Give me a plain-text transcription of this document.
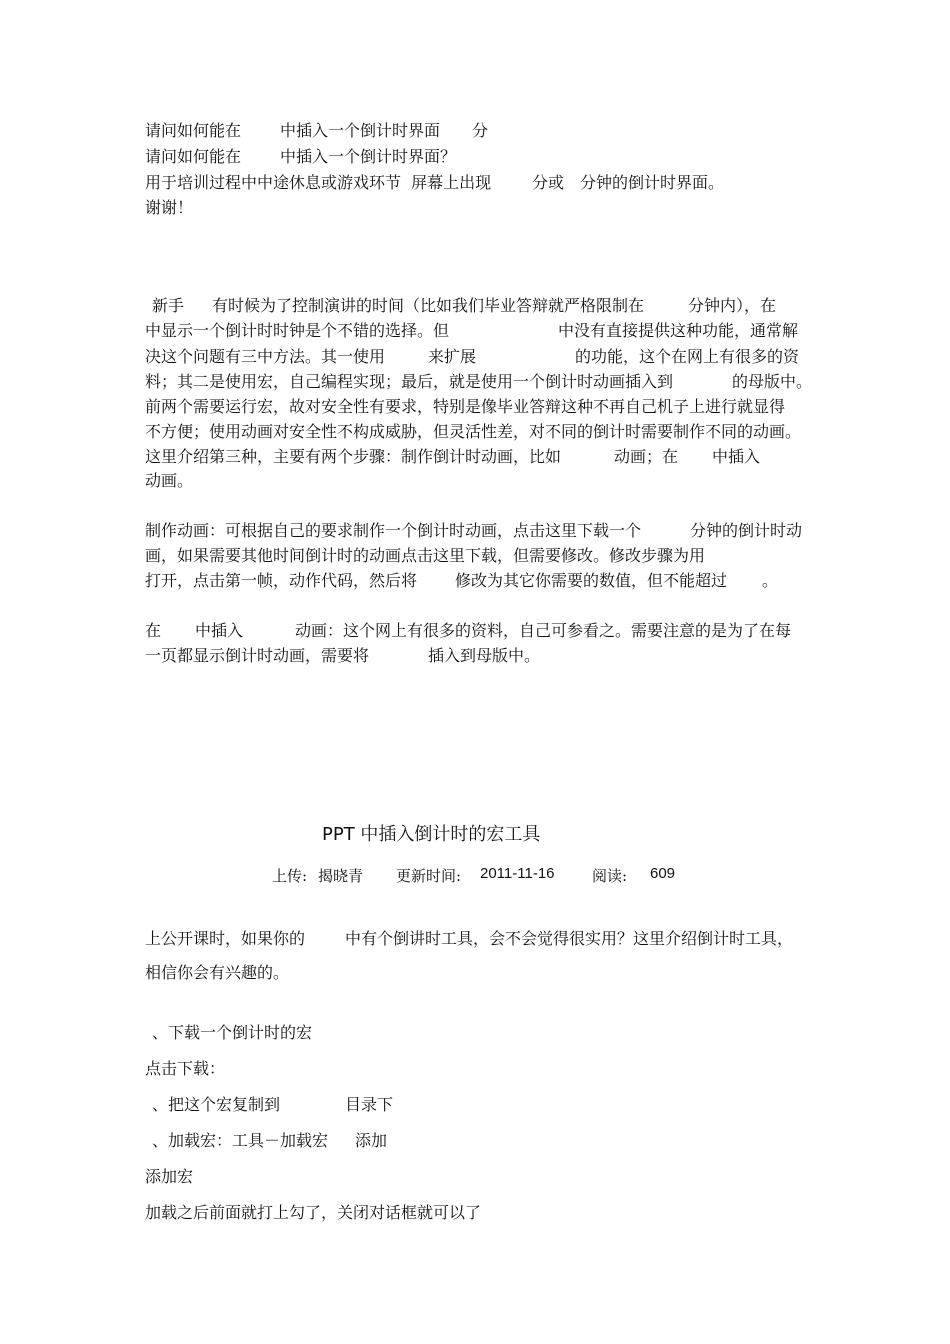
请问如何能在 中插入一个倒计时界面 分
请问如何能在 中插入一个倒计时界面？
用于培训过程中中途休息或游戏环节  屏幕上出现	分或 分钟的倒计时界面。
谢谢！
新手 有时候为了控制演讲的时间（比如我们毕业答辩就严格限制在	分钟内），在
中显示一个倒计时时钟是个不错的选择。但	中没有直接提供这种功能，通常解
决这个问题有三中方法。其一使用	来扩展	的功能，这个在网上有很多的资
料；其二是使用宏，自己编程实现；最后，就是使用一个倒计时动画插入到	的母版中。
前两个需要运行宏，故对安全性有要求，特别是像毕业答辩这种不再自己机子上进行就显得
不方便；使用动画对安全性不构成威胁，但灵活性差，对不同的倒计时需要制作不同的动画。
这里介绍第三种，主要有两个步骤：制作倒计时动画，比如	动画；在 中插入
动画。
制作动画：可根据自己的要求制作一个倒计时动画，点击这里下载一个	分钟的倒计时动
画，如果需要其他时间倒计时的动画点击这里下载，但需要修改。修改步骤为用
打开，点击第一帧，动作代码，然后将 修改为其它你需要的数值，但不能超过 。
在 中插入	动画：这个网上有很多的资料，自己可参看之。需要注意的是为了在每
一页都显示倒计时动画，需要将	插入到母版中。
PPT 中插入倒计时的宏工具
上传: 揭晓青 更新时间: 2011-11-16 阅读: 609
上公开课时，如果你的 中有个倒讲时工具，会不会觉得很实用？这里介绍倒计时工具，
相信你会有兴趣的。
、下载一个倒计时的宏
点击下载：
、把这个宏复制到	目录下
、加载宏：工具－加载宏 添加
添加宏
加载之后前面就打上勾了，关闭对话框就可以了
